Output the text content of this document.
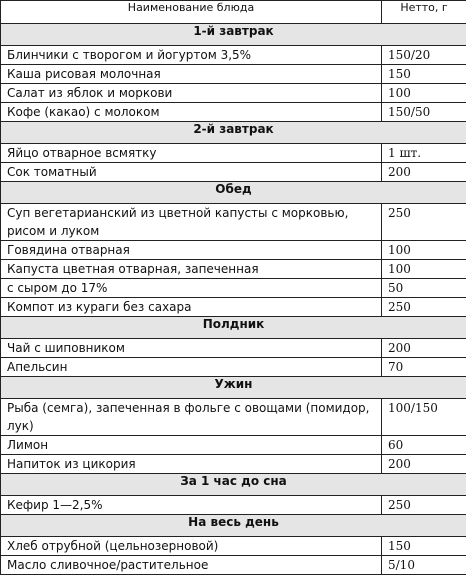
Наименование блюда	Нетто, г
1-й завтрак	
Блинчики с творогом и йогуртом 3,5%	150/20
Каша рисовая молочная	150
Салат из яблок и моркови	100
Кофе (какао) с молоком	150/50
2-й завтрак	
Яйцо отварное всмятку	1 шт.
Сок томатный	200
Обед	
Суп вегетарианский из цветной капусты с морковью, рисом и луком	250
Говядина отварная	100
Капуста цветная отварная, запеченная	100
с сыром до 17%	50
Компот из кураги без сахара	250
Полдник	
Чай с шиповником	200
Апельсин	70
Ужин	
Рыба (семга), запеченная в фольге с овощами (помидор, лук)	100/150
Лимон	60
Напиток из цикория	200
За 1 час до сна	
Кефир 1—2,5%	250
На весь день	
Хлеб отрубной (цельнозерновой)	150
Масло сливочное/растительное	5/10
